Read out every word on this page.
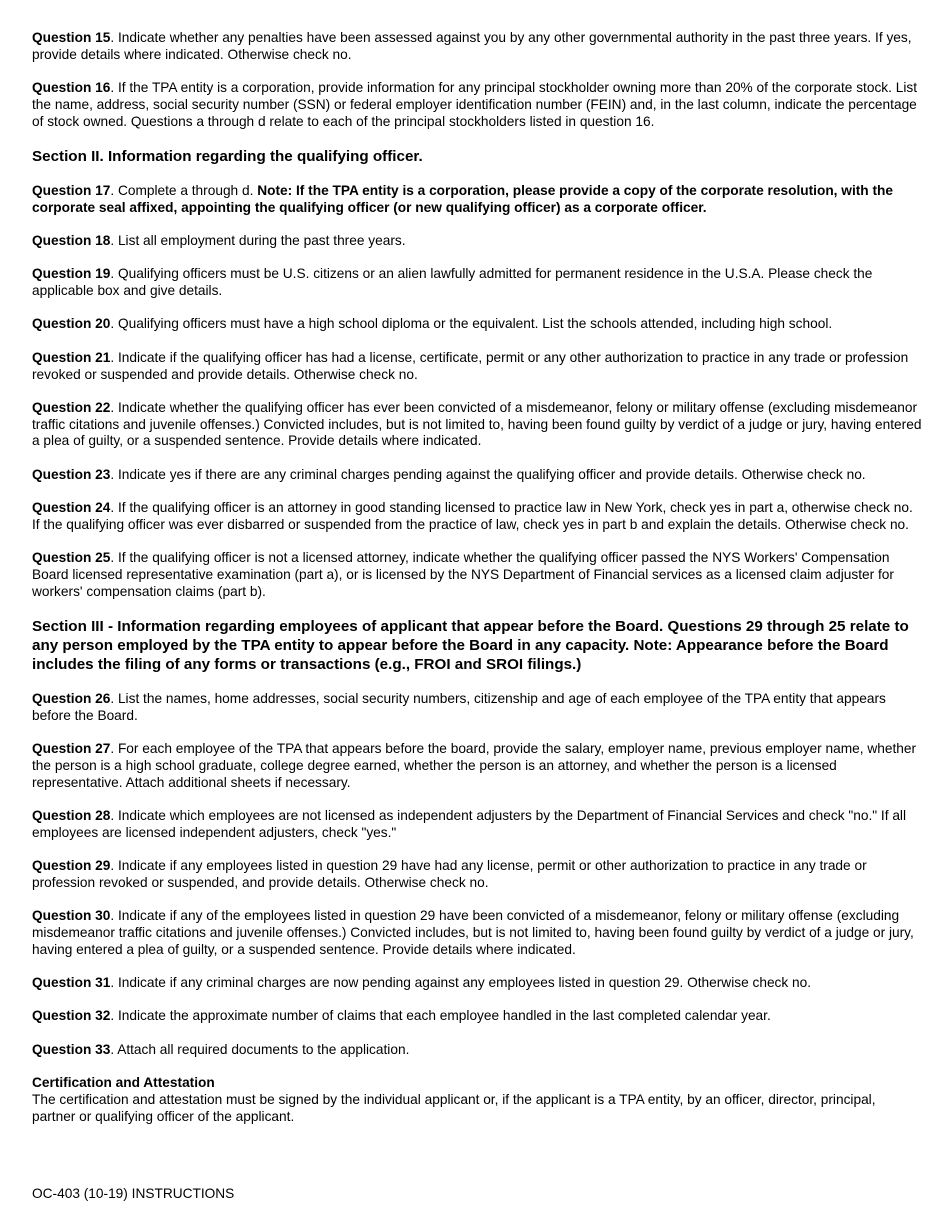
Question 15. Indicate whether any penalties have been assessed against you by any other governmental authority in the past three years. If yes, provide details where indicated. Otherwise check no.

Question 16. If the TPA entity is a corporation, provide information for any principal stockholder owning more than 20% of the corporate stock. List the name, address, social security number (SSN) or federal employer identification number (FEIN) and, in the last column, indicate the percentage of stock owned. Questions a through d relate to each of the principal stockholders listed in question 16.

Section II. Information regarding the qualifying officer.

Question 17. Complete a through d. Note: If the TPA entity is a corporation, please provide a copy of the corporate resolution, with the corporate seal affixed, appointing the qualifying officer (or new qualifying officer) as a corporate officer.

Question 18. List all employment during the past three years.

Question 19. Qualifying officers must be U.S. citizens or an alien lawfully admitted for permanent residence in the U.S.A. Please check the applicable box and give details.

Question 20. Qualifying officers must have a high school diploma or the equivalent. List the schools attended, including high school.

Question 21. Indicate if the qualifying officer has had a license, certificate, permit or any other authorization to practice in any trade or profession revoked or suspended and provide details. Otherwise check no.

Question 22. Indicate whether the qualifying officer has ever been convicted of a misdemeanor, felony or military offense (excluding misdemeanor traffic citations and juvenile offenses.) Convicted includes, but is not limited to, having been found guilty by verdict of a judge or jury, having entered a plea of guilty, or a suspended sentence. Provide details where indicated.

Question 23. Indicate yes if there are any criminal charges pending against the qualifying officer and provide details. Otherwise check no.

Question 24. If the qualifying officer is an attorney in good standing licensed to practice law in New York, check yes in part a, otherwise check no. If the qualifying officer was ever disbarred or suspended from the practice of law, check yes in part b and explain the details. Otherwise check no.

Question 25. If the qualifying officer is not a licensed attorney, indicate whether the qualifying officer passed the NYS Workers' Compensation Board licensed representative examination (part a), or is licensed by the NYS Department of Financial services as a licensed claim adjuster for workers' compensation claims (part b).

Section III - Information regarding employees of applicant that appear before the Board. Questions 29 through 25 relate to any person employed by the TPA entity to appear before the Board in any capacity. Note: Appearance before the Board includes the filing of any forms or transactions (e.g., FROI and SROI filings.)

Question 26. List the names, home addresses, social security numbers, citizenship and age of each employee of the TPA entity that appears before the Board.

Question 27. For each employee of the TPA that appears before the board, provide the salary, employer name, previous employer name, whether the person is a high school graduate, college degree earned, whether the person is an attorney, and whether the person is a licensed representative. Attach additional sheets if necessary.

Question 28. Indicate which employees are not licensed as independent adjusters by the Department of Financial Services and check "no." If all employees are licensed independent adjusters, check "yes."

Question 29. Indicate if any employees listed in question 29 have had any license, permit or other authorization to practice in any trade or profession revoked or suspended, and provide details. Otherwise check no.

Question 30. Indicate if any of the employees listed in question 29 have been convicted of a misdemeanor, felony or military offense (excluding misdemeanor traffic citations and juvenile offenses.) Convicted includes, but is not limited to, having been found guilty by verdict of a judge or jury, having entered a plea of guilty, or a suspended sentence. Provide details where indicated.

Question 31. Indicate if any criminal charges are now pending against any employees listed in question 29. Otherwise check no.

Question 32. Indicate the approximate number of claims that each employee handled in the last completed calendar year.

Question 33. Attach all required documents to the application.

Certification and Attestation
The certification and attestation must be signed by the individual applicant or, if the applicant is a TPA entity, by an officer, director, principal, partner or qualifying officer of the applicant.

OC-403 (10-19) INSTRUCTIONS
